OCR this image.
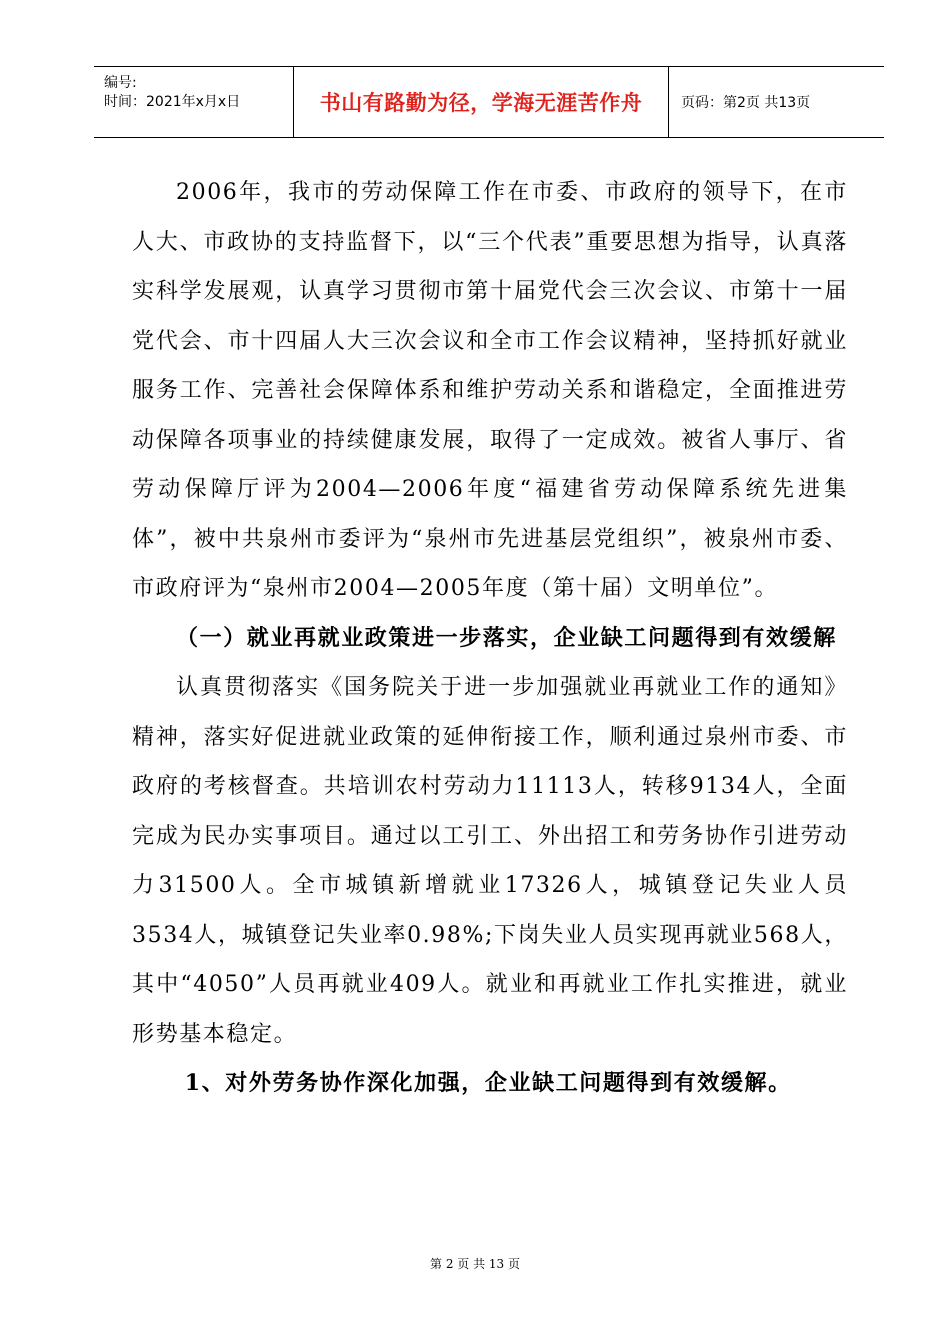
编号:
时间：2021年x月x日	书山有路勤为径，学海无涯苦作舟	页码：第2页 共13页

2006年，我市的劳动保障工作在市委、市政府的领导下，在市人大、市政协的支持监督下，以“三个代表”重要思想为指导，认真落实科学发展观，认真学习贯彻市第十届党代会三次会议、市第十一届党代会、市十四届人大三次会议和全市工作会议精神，坚持抓好就业服务工作、完善社会保障体系和维护劳动关系和谐稳定，全面推进劳动保障各项事业的持续健康发展，取得了一定成效。被省人事厅、省劳动保障厅评为2004—2006年度“福建省劳动保障系统先进集体”，被中共泉州市委评为“泉州市先进基层党组织”，被泉州市委、市政府评为“泉州市2004—2005年度（第十届）文明单位”。

（一）就业再就业政策进一步落实，企业缺工问题得到有效缓解

认真贯彻落实《国务院关于进一步加强就业再就业工作的通知》精神，落实好促进就业政策的延伸衔接工作，顺利通过泉州市委、市政府的考核督查。共培训农村劳动力11113人，转移9134人，全面完成为民办实事项目。通过以工引工、外出招工和劳务协作引进劳动力31500人。全市城镇新增就业17326人，城镇登记失业人员 3534人，城镇登记失业率0.98%;下岗失业人员实现再就业568人，其中“4050”人员再就业409人。就业和再就业工作扎实推进，就业形势基本稳定。

1、对外劳务协作深化加强，企业缺工问题得到有效缓解。

第 2 页 共 13 页
